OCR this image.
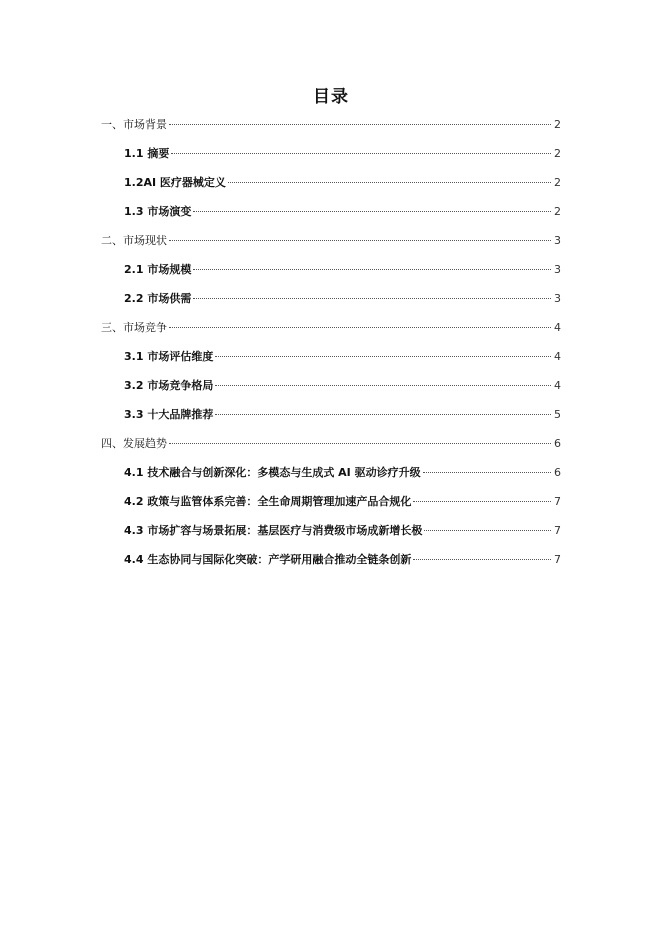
目录
一、市场背景	2
1.1 摘要	2
1.2AI 医疗器械定义	2
1.3 市场演变	2
二、市场现状	3
2.1 市场规模	3
2.2 市场供需	3
三、市场竞争	4
3.1 市场评估维度	4
3.2 市场竞争格局	4
3.3 十大品牌推荐	5
四、发展趋势	6
4.1 技术融合与创新深化：多模态与生成式 AI 驱动诊疗升级	6
4.2 政策与监管体系完善：全生命周期管理加速产品合规化	7
4.3 市场扩容与场景拓展：基层医疗与消费级市场成新增长极	7
4.4 生态协同与国际化突破：产学研用融合推动全链条创新	7
